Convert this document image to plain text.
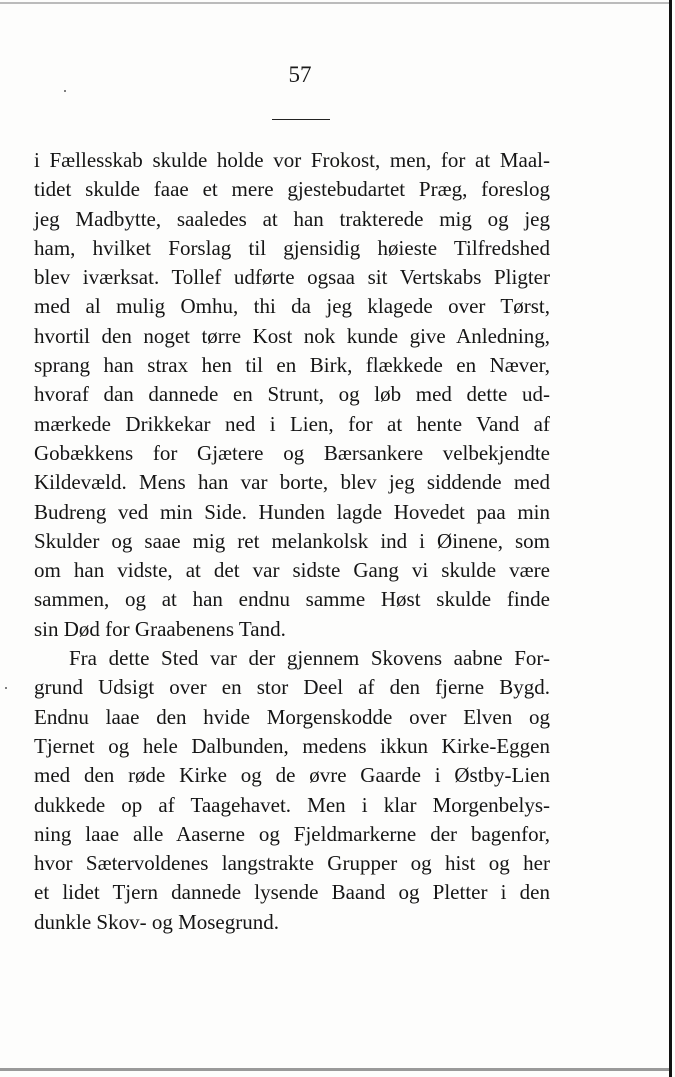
57
i Fællesskab skulde holde vor Frokost, men, for at Maal-
tidet skulde faae et mere gjestebudartet Præg, foreslog
jeg Madbytte, saaledes at han trakterede mig og jeg
ham, hvilket Forslag til gjensidig høieste Tilfredshed
blev iværksat. Tollef udførte ogsaa sit Vertskabs Pligter
med al mulig Omhu, thi da jeg klagede over Tørst,
hvortil den noget tørre Kost nok kunde give Anledning,
sprang han strax hen til en Birk, flækkede en Næver,
hvoraf dan dannede en Strunt, og løb med dette ud-
mærkede Drikkekar ned i Lien, for at hente Vand af
Gobækkens for Gjætere og Bærsankere velbekjendte
Kildevæld. Mens han var borte, blev jeg siddende med
Budreng ved min Side. Hunden lagde Hovedet paa min
Skulder og saae mig ret melankolsk ind i Øinene, som
om han vidste, at det var sidste Gang vi skulde være
sammen, og at han endnu samme Høst skulde finde
sin Død for Graabenens Tand.
Fra dette Sted var der gjennem Skovens aabne For-
grund Udsigt over en stor Deel af den fjerne Bygd.
Endnu laae den hvide Morgenskodde over Elven og
Tjernet og hele Dalbunden, medens ikkun Kirke-Eggen
med den røde Kirke og de øvre Gaarde i Østby-Lien
dukkede op af Taagehavet. Men i klar Morgenbelys-
ning laae alle Aaserne og Fjeldmarkerne der bagenfor,
hvor Sætervoldenes langstrakte Grupper og hist og her
et lidet Tjern dannede lysende Baand og Pletter i den
dunkle Skov- og Mosegrund.
